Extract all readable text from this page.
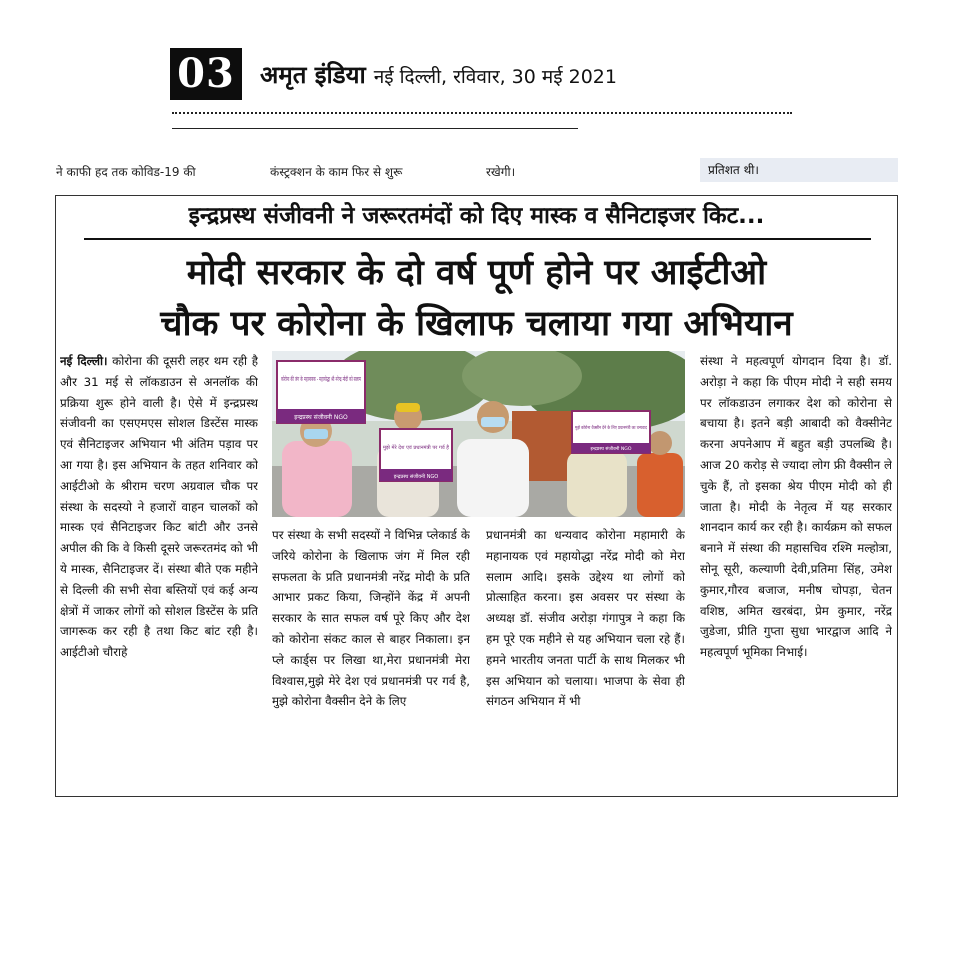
03 अमृत इंडिया नई दिल्ली, रविवार, 30 मई 2021
ने काफी हद तक कोविड-19 की	कंस्ट्रक्शन के काम फिर से शुरू	रखेगी।	प्रतिशत थी।
इन्द्रप्रस्थ संजीवनी ने जरूरतमंदों को दिए मास्क व सैनिटाइजर किट...
मोदी सरकार के दो वर्ष पूर्ण होने पर आईटीओ
चौक पर कोरोना के खिलाफ चलाया गया अभियान
नई दिल्ली। कोरोना की दूसरी लहर थम रही है और 31 मई से लॉकडाउन से अनलॉक की प्रक्रिया शुरू होने वाली है। ऐसे में इन्द्रप्रस्थ संजीवनी का एसएमएस सोशल डिस्टेंस मास्क एवं सैनिटाइजर अभियान भी अंतिम पड़ाव पर आ गया है। इस अभियान के तहत शनिवार को आईटीओ के श्रीराम चरण अग्रवाल चौक पर संस्था के सदस्यो ने हजारों वाहन चालकों को मास्क एवं सैनिटाइजर किट बांटी और उनसे अपील की कि वे किसी दूसरे जरूरतमंद को भी ये मास्क, सैनिटाइजर दें। संस्था बीते एक महीने से दिल्ली की सभी सेवा बस्तियों एवं कई अन्य क्षेत्रों में जाकर लोगों को सोशल डिस्टेंस के प्रति जागरूक कर रही है तथा किट बांट रही है। आईटीओ चौराहे
कोरोना की जंग के महानायक - महायोद्धा श्री नरेन्द्र मोदी को सलाम
इन्द्रप्रस्थ संजीवनी NGO
मुझे मेरे देश एवं प्रधानमंत्री पर गर्व है
इन्द्रप्रस्थ संजीवनी NGO
मुझे कोरोना वैक्सीन देने के लिए प्रधानमंत्री का धन्यवाद
इन्द्रप्रस्थ संजीवनी NGO
पर संस्था के सभी सदस्यों ने विभिन्न प्लेकार्ड के जरिये कोरोना के खिलाफ जंग में मिल रही सफलता के प्रति प्रधानमंत्री नरेंद्र मोदी के प्रति आभार प्रकट किया, जिन्होंने केंद्र में अपनी सरकार के सात सफल वर्ष पूरे किए और देश को कोरोना संकट काल से बाहर निकाला। इन प्ले कार्ड्स पर लिखा था,मेरा प्रधानमंत्री मेरा विश्वास,मुझे मेरे देश एवं प्रधानमंत्री पर गर्व है, मुझे कोरोना वैक्सीन देने के लिए
प्रधानमंत्री का धन्यवाद कोरोना महामारी के महानायक एवं महायोद्धा नरेंद्र मोदी को मेरा सलाम आदि। इसके उद्देश्य था लोगों को प्रोत्साहित करना। इस अवसर पर संस्था के अध्यक्ष डॉ. संजीव अरोड़ा गंगापुत्र ने कहा कि हम पूरे एक महीने से यह अभियान चला रहे हैं। हमने भारतीय जनता पार्टी के साथ मिलकर भी इस अभियान को चलाया। भाजपा के सेवा ही संगठन अभियान में भी
संस्था ने महत्वपूर्ण योगदान दिया है। डॉ. अरोड़ा ने कहा कि पीएम मोदी ने सही समय पर लॉकडाउन लगाकर देश को कोरोना से बचाया है। इतने बड़ी आबादी को वैक्सीनेट करना अपनेआप में बहुत बड़ी उपलब्धि है। आज 20 करोड़ से ज्यादा लोग फ्री वैक्सीन ले चुके हैं, तो इसका श्रेय पीएम मोदी को ही जाता है। मोदी के नेतृत्व में यह सरकार शानदान कार्य कर रही है। कार्यक्रम को सफल बनाने में संस्था की महासचिव रश्मि मल्होत्रा, सोनू सूरी, कल्याणी देवी,प्रतिमा सिंह, उमेश कुमार,गौरव बजाज, मनीष चोपड़ा, चेतन वशिष्ठ, अमित खरबंदा, प्रेम कुमार, नरेंद्र जुडेजा, प्रीति गुप्ता सुधा भारद्वाज आदि ने महत्वपूर्ण भूमिका निभाई।
